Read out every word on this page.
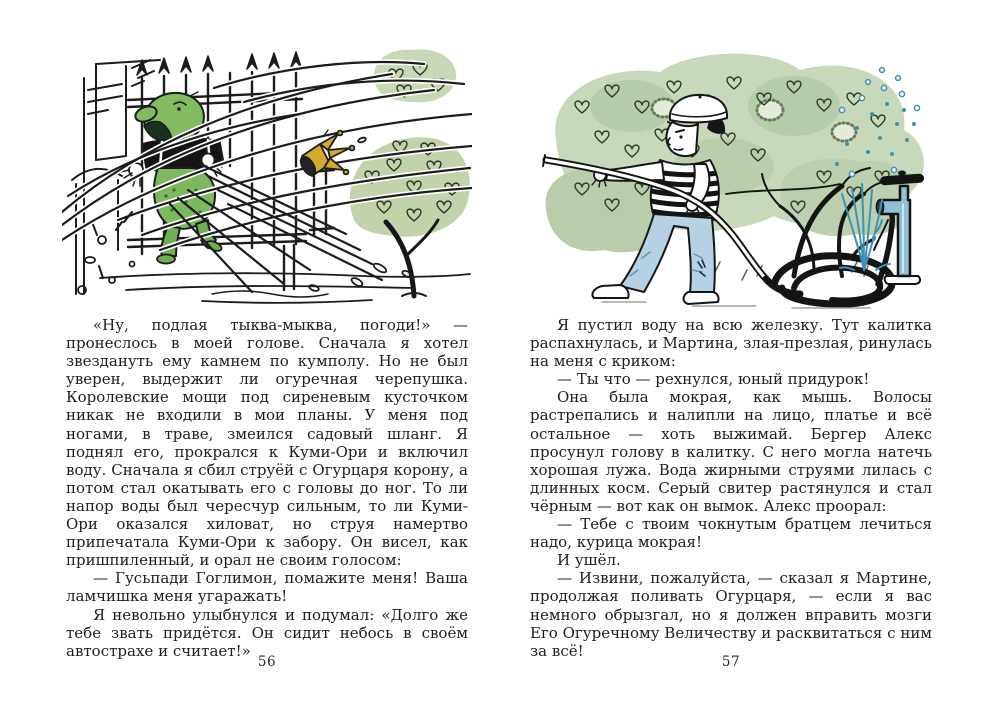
«Ну, подлая тыква-мыква, погоди!» — пронеслось в моей голове. Сначала я хотел звездануть ему камнем по кумполу. Но не был уверен, выдержит ли огуречная черепушка. Королевские мощи под сиреневым кусточком никак не входили в мои планы. У меня под ногами, в траве, змеился садовый шланг. Я поднял его, прокрался к Куми-Ори и включил воду. Сначала я сбил струёй с Огурцаря корону, а потом стал окатывать его с головы до ног. То ли напор воды был чересчур сильным, то ли Куми-Ори оказался хиловат, но струя намертво припечатала Куми-Ори к забору. Он висел, как пришпиленный, и орал не своим голосом:

— Гусьпади Гоглимон, помажите меня! Ваша ламчишка меня угаражать!

Я невольно улыбнулся и подумал: «Долго же тебе звать придётся. Он сидит небось в своём автострахе и считает!»

56

Я пустил воду на всю железку. Тут калитка распахнулась, и Мартина, злая-презлая, ринулась на меня с криком:

— Ты что — рехнулся, юный придурок!

Она была мокрая, как мышь. Волосы растрепались и налипли на лицо, платье и всё остальное — хоть выжимай. Бергер Алекс просунул голову в калитку. С него могла натечь хорошая лужа. Вода жирными струями лилась с длинных косм. Серый свитер растянулся и стал чёрным — вот как он вымок. Алекс проорал:

— Тебе с твоим чокнутым братцем лечиться надо, курица мокрая!

И ушёл.

— Извини, пожалуйста, — сказал я Мартине, продолжая поливать Огурцаря, — если я вас немного обрызгал, но я должен вправить мозги Его Огуречному Величеству и расквитаться с ним за всё!

57
